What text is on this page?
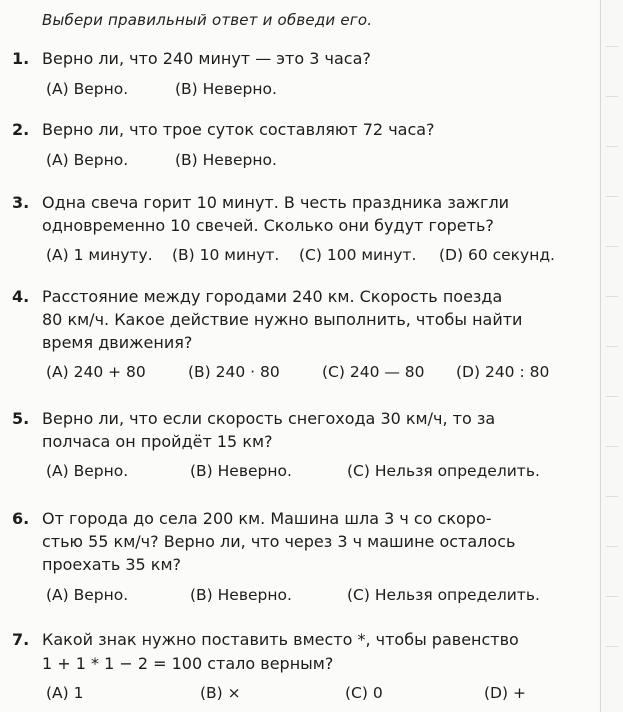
Выбери правильный ответ и обведи его.
1. Верно ли, что 240 минут — это 3 часа?
(A) Верно.	(B) Неверно.
2. Верно ли, что трое суток составляют 72 часа?
(A) Верно.	(B) Неверно.
3. Одна свеча горит 10 минут. В честь праздника зажгли
одновременно 10 свечей. Сколько они будут гореть?
(A) 1 минуту. (B) 10 минут. (C) 100 минут. (D) 60 секунд.
4. Расстояние между городами 240 км. Скорость поезда
80 км/ч. Какое действие нужно выполнить, чтобы найти
время движения?
(A) 240 + 80	(B) 240 · 80	(C) 240 — 80 (D) 240 : 80
5. Верно ли, что если скорость снегохода 30 км/ч, то за
полчаса он пройдёт 15 км?
(A) Верно.	(B) Неверно.	(C) Нельзя определить.
6. От города до села 200 км. Машина шла 3 ч со скоро-
стью 55 км/ч? Верно ли, что через 3 ч машине осталось
проехать 35 км?
(A) Верно.	(B) Неверно.	(C) Нельзя определить.
7. Какой знак нужно поставить вместо *, чтобы равенство
1 + 1 * 1 − 2 = 100 стало верным?
(A) 1	(B) ×	(C) 0	(D) +
